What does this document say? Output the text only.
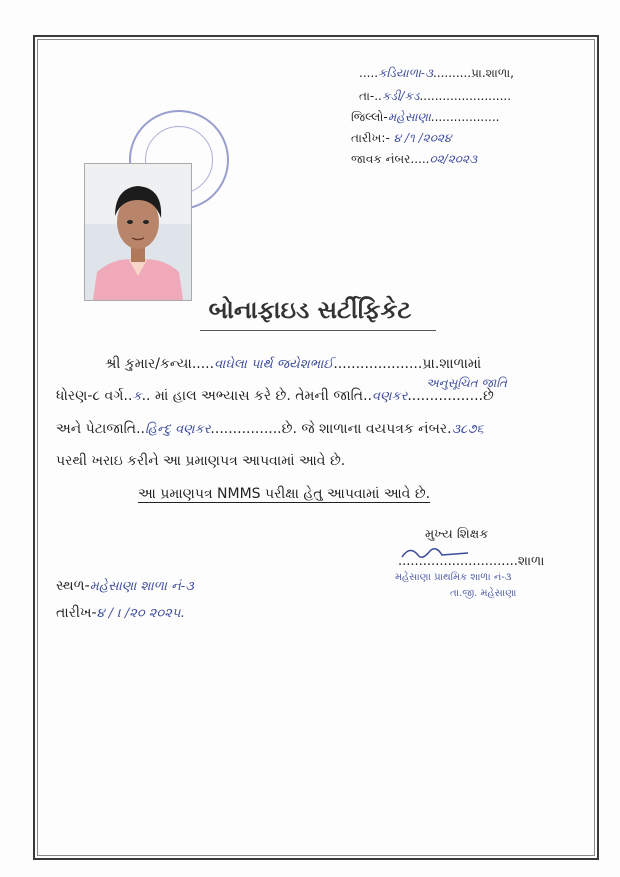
.....કડિયાળા-૩..........પ્રા.શાળા,
તા-..કડી/કડ........................
જિલ્લો-મહેસાણા..................
તારીખ:- ૪ /૧ /૨૦૨૪
જાવક નંબર.....૦૨/૨૦૨૩
બોનાફાઇડ સર્ટીફિકેટ
શ્રી કુમાર/કન્યા.....વાઘેલા પાર્થ જયેશભાઈ....................પ્રા.શાળામાં
અનુસૂચિત જાતિ
ધોરણ-૮ વર્ગ..ક.. માં હાલ અભ્યાસ કરે છે. તેમની જાતિ..વણકર.................છે
અને પેટાજાતિ..હિન્દુ વણકર................છે. જે શાળાના વયપત્રક નંબર.૩૮૭૬
પરથી ખરાઇ કરીને આ પ્રમાણપત્ર આપવામાં આવે છે.
આ પ્રમાણપત્ર NMMS પરીક્ષા હેતુ આપવામાં આવે છે.
મુખ્ય શિક્ષક
.............................શાળા
મહેસાણા પ્રાથમિક શાળા નં-૩
તા.જી. મહેસાણા
સ્થળ-મહેસાણા શાળા નં-૩
તારીખ-૪ / । /૨૦ ૨૦૨૫.
